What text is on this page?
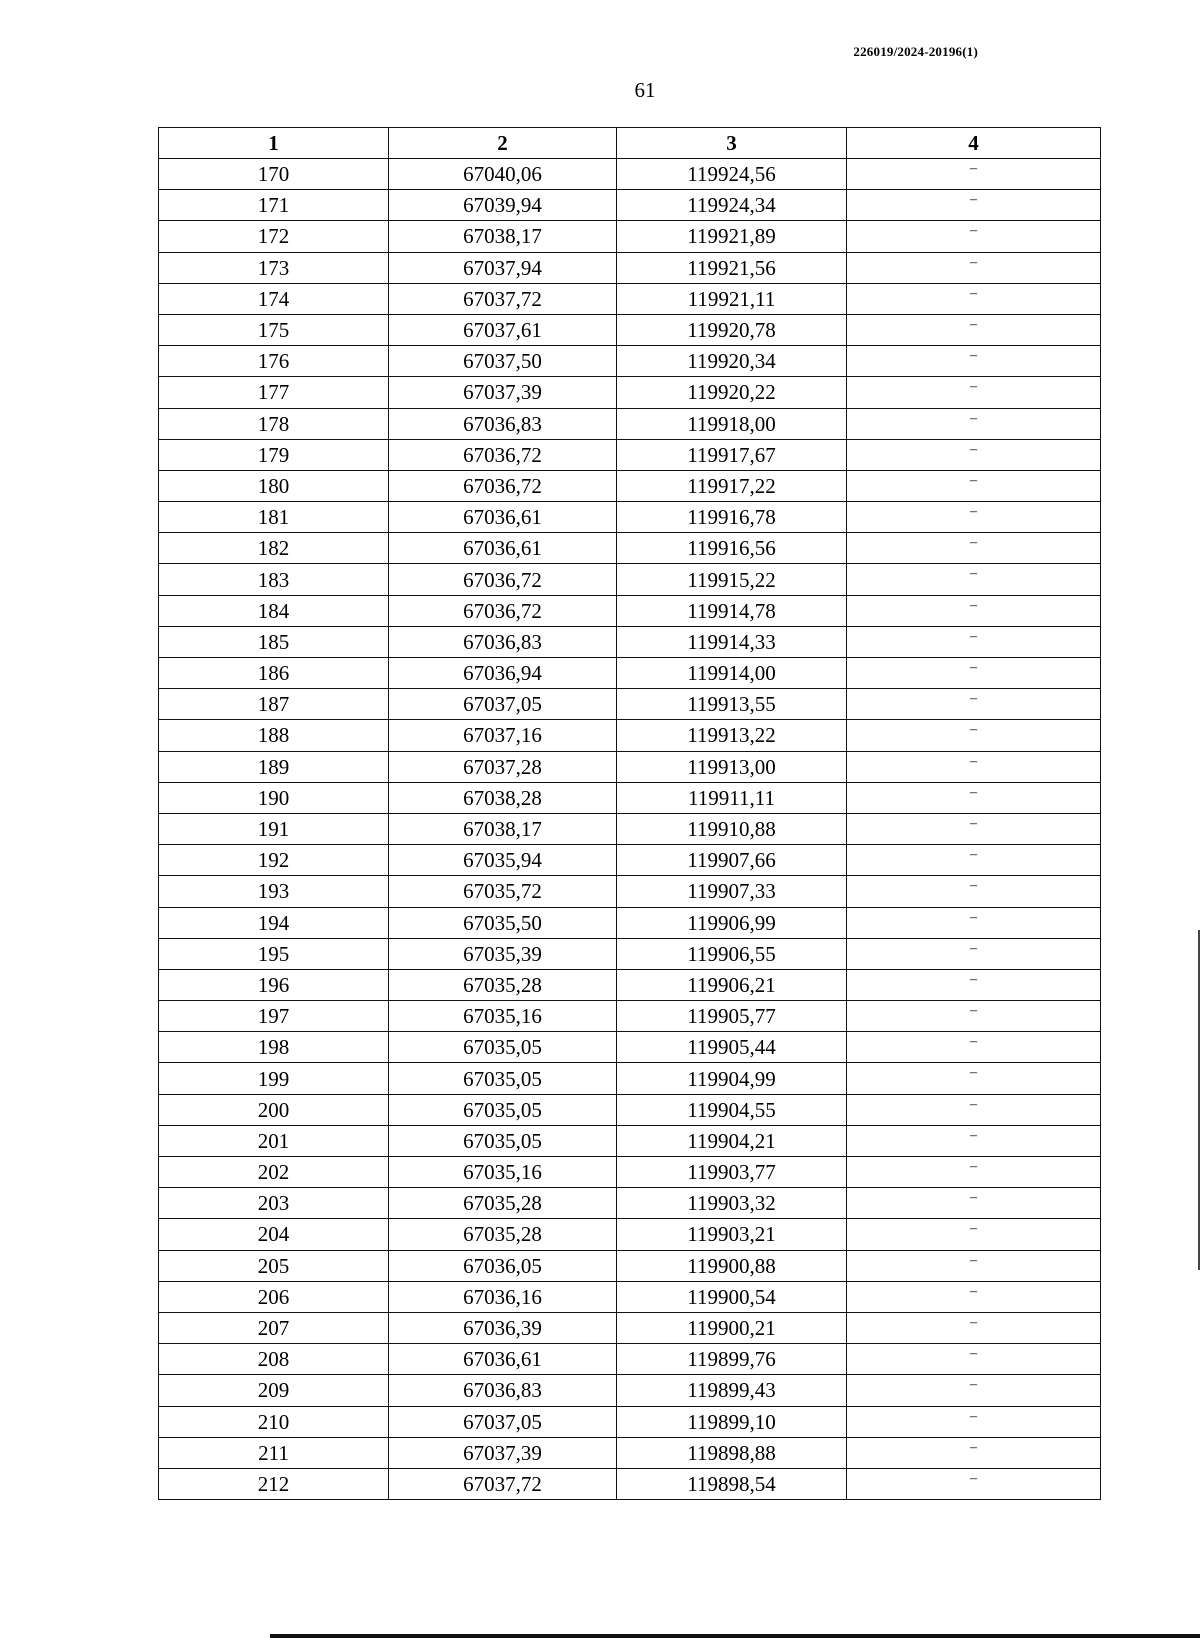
226019/2024-20196(1)
61
1	2	3	4
170	67040,06	119924,56	–
171	67039,94	119924,34	–
172	67038,17	119921,89	–
173	67037,94	119921,56	–
174	67037,72	119921,11	–
175	67037,61	119920,78	–
176	67037,50	119920,34	–
177	67037,39	119920,22	–
178	67036,83	119918,00	–
179	67036,72	119917,67	–
180	67036,72	119917,22	–
181	67036,61	119916,78	–
182	67036,61	119916,56	–
183	67036,72	119915,22	–
184	67036,72	119914,78	–
185	67036,83	119914,33	–
186	67036,94	119914,00	–
187	67037,05	119913,55	–
188	67037,16	119913,22	–
189	67037,28	119913,00	–
190	67038,28	119911,11	–
191	67038,17	119910,88	–
192	67035,94	119907,66	–
193	67035,72	119907,33	–
194	67035,50	119906,99	–
195	67035,39	119906,55	–
196	67035,28	119906,21	–
197	67035,16	119905,77	–
198	67035,05	119905,44	–
199	67035,05	119904,99	–
200	67035,05	119904,55	–
201	67035,05	119904,21	–
202	67035,16	119903,77	–
203	67035,28	119903,32	–
204	67035,28	119903,21	–
205	67036,05	119900,88	–
206	67036,16	119900,54	–
207	67036,39	119900,21	–
208	67036,61	119899,76	–
209	67036,83	119899,43	–
210	67037,05	119899,10	–
211	67037,39	119898,88	–
212	67037,72	119898,54	–
